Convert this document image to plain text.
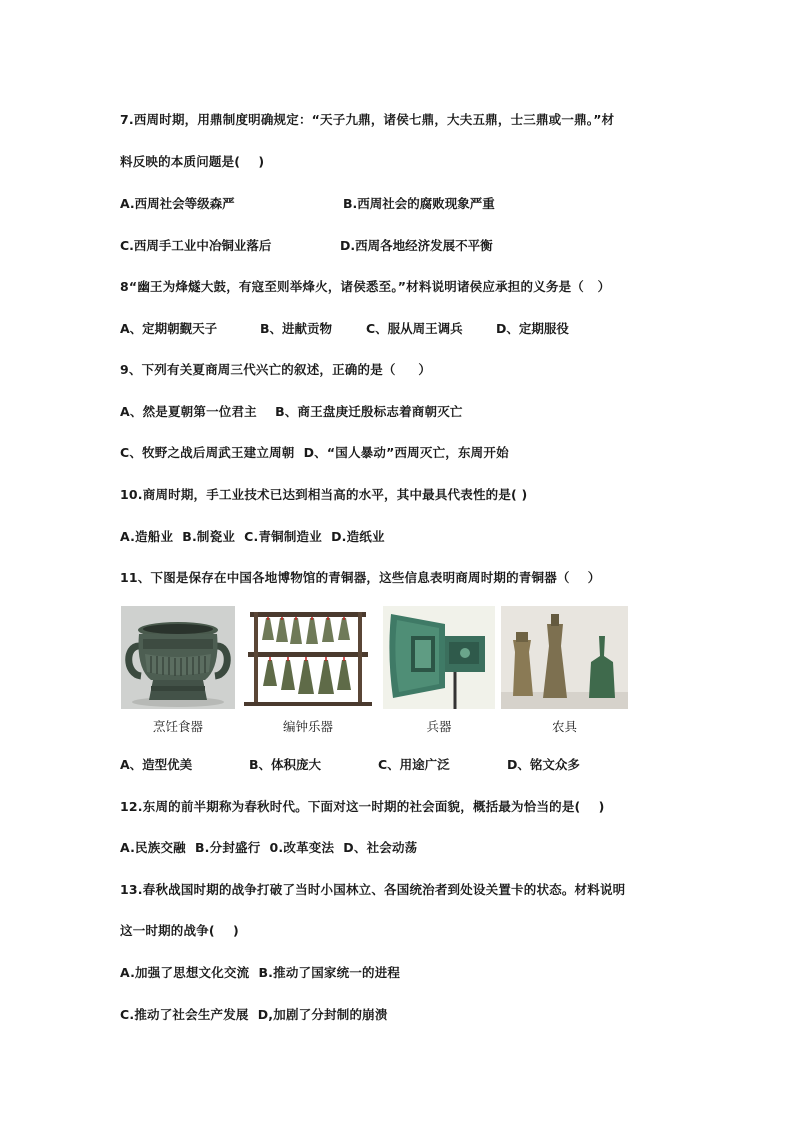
7.西周时期，用鼎制度明确规定：“天子九鼎，诸侯七鼎，大夫五鼎，士三鼎或一鼎。”材
料反映的本质问题是(    )
A.西周社会等级森严	B.西周社会的腐败现象严重
C.西周手工业中冶铜业落后	D.西周各地经济发展不平衡
8“幽王为烽燧大鼓，有寇至则举烽火，诸侯悉至。”材料说明诸侯应承担的义务是（   ）
A、定期朝觐天子	B、进献贡物	C、服从周王调兵	D、定期服役
9、下列有关夏商周三代兴亡的叙述，正确的是（     ）
A、然是夏朝第一位君主    B、商王盘庚迁殷标志着商朝灭亡
C、牧野之战后周武王建立周朝  D、“国人暴动”西周灭亡，东周开始
10.商周时期，手工业技术已达到相当高的水平，其中最具代表性的是( )
A.造船业  B.制瓷业  C.青铜制造业  D.造纸业
11、下图是保存在中国各地博物馆的青铜器，这些信息表明商周时期的青铜器（    ）
烹饪食器	编钟乐器	兵器	农具
A、造型优美	B、体积庞大	C、用途广泛	D、铭文众多
12.东周的前半期称为春秋时代。下面对这一时期的社会面貌，概括最为恰当的是(    )
A.民族交融  B.分封盛行  0.改革变法  D、社会动荡
13.春秋战国时期的战争打破了当时小国林立、各国统治者到处设关置卡的状态。材料说明
这一时期的战争(    )
A.加强了思想文化交流  B.推动了国家统一的进程
C.推动了社会生产发展  D,加剧了分封制的崩溃
